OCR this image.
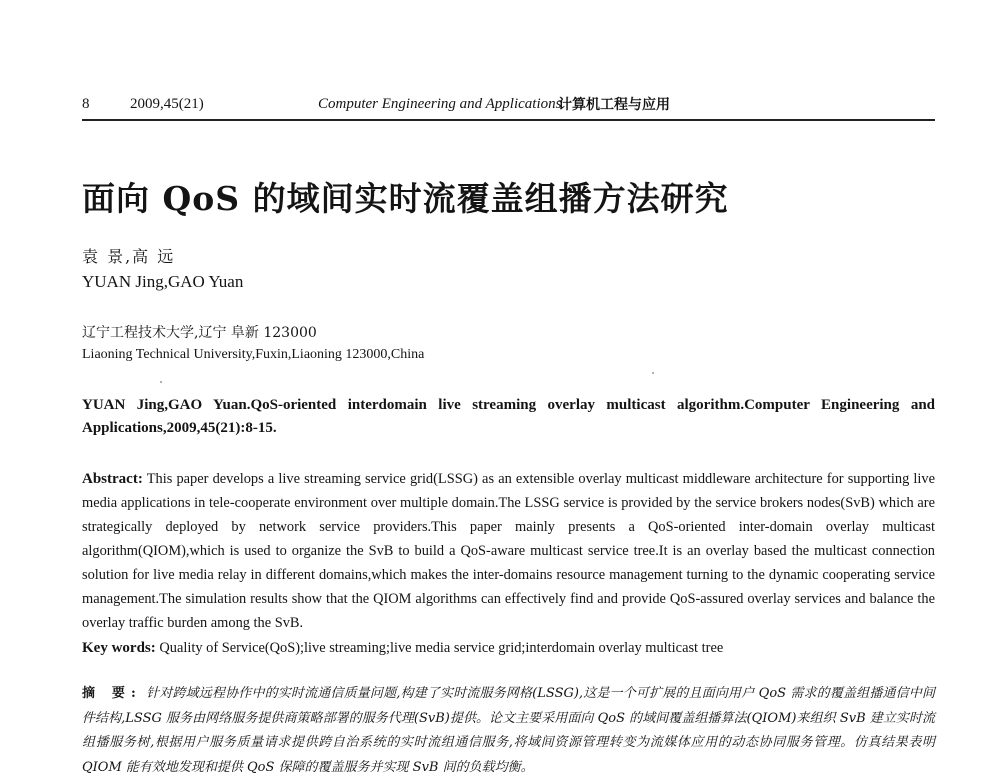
8	2009,45(21)	Computer Engineering and Applications
计算机工程与应用
面向 QoS 的域间实时流覆盖组播方法研究
袁 景,高 远
YUAN Jing,GAO Yuan
辽宁工程技术大学,辽宁 阜新 123000
Liaoning Technical University,Fuxin,Liaoning 123000,China
YUAN Jing,GAO Yuan.QoS-oriented interdomain live streaming overlay multicast algorithm.Computer Engineering and Applications,2009,45(21):8-15.
Abstract: This paper develops a live streaming service grid(LSSG) as an extensible overlay multicast middleware architecture for supporting live media applications in tele-cooperate environment over multiple domain.The LSSG service is provided by the service brokers nodes(SvB) which are strategically deployed by network service providers.This paper mainly presents a QoS-oriented inter-domain overlay multicast algorithm(QIOM),which is used to organize the SvB to build a QoS-aware multicast service tree.It is an overlay based the multicast connection solution for live media relay in different domains,which makes the inter-domains resource management turning to the dynamic cooperating service management.The simulation results show that the QIOM algorithms can effectively find and provide QoS-assured overlay services and balance the overlay traffic burden among the SvB.
Key words: Quality of Service(QoS);live streaming;live media service grid;interdomain overlay multicast tree
摘 要: 针对跨域远程协作中的实时流通信质量问题,构建了实时流服务网格(LSSG),这是一个可扩展的且面向用户 QoS 需求的覆盖组播通信中间件结构,LSSG 服务由网络服务提供商策略部署的服务代理(SvB)提供。论文主要采用面向 QoS 的域间覆盖组播算法(QIOM)来组织 SvB 建立实时流组播服务树,根据用户服务质量请求提供跨自治系统的实时流组通信服务,将域间资源管理转变为流媒体应用的动态协同服务管理。仿真结果表明 QIOM 能有效地发现和提供 QoS 保障的覆盖服务并实现 SvB 间的负载均衡。
